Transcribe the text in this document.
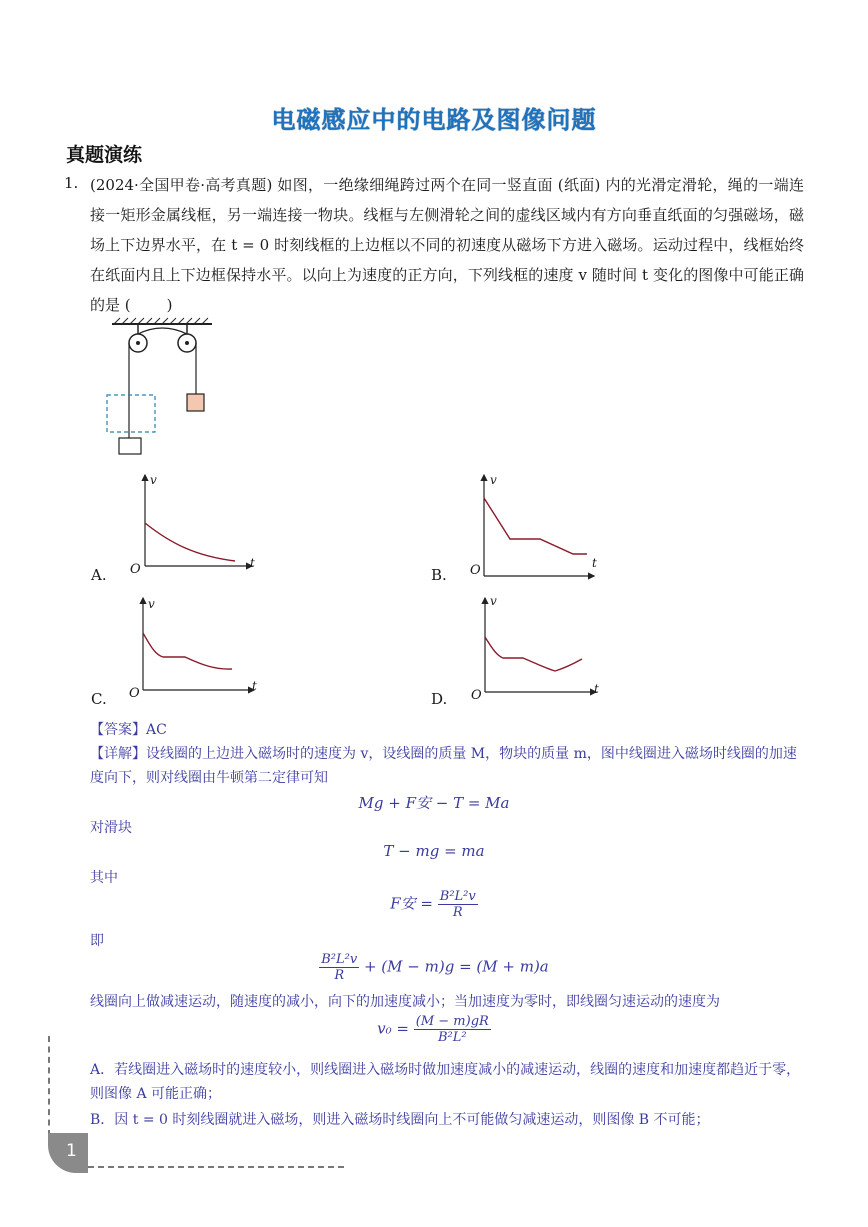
电磁感应中的电路及图像问题
真题演练
1. (2024·全国甲卷·高考真题) 如图，一绝缘细绳跨过两个在同一竖直面 (纸面) 内的光滑定滑轮，绳的一端连接一矩形金属线框，另一端连接一物块。线框与左侧滑轮之间的虚线区域内有方向垂直纸面的匀强磁场，磁场上下边界水平，在 t = 0 时刻线框的上边框以不同的初速度从磁场下方进入磁场。运动过程中，线框始终在纸面内且上下边框保持水平。以向上为速度的正方向，下列线框的速度 v 随时间 t 变化的图像中可能正确的是 ( )
v
t
O
A.
v
t
O
B.
v
t
O
C.
v
t
O
D.
【答案】AC
【详解】设线圈的上边进入磁场时的速度为 v，设线圈的质量 M，物块的质量 m，图中线圈进入磁场时线圈的加速度向下，则对线圈由牛顿第二定律可知
Mg + F安 − T = Ma
对滑块
T − mg = ma
其中
F安 = $\frac{\text{B²L²v}}{R}$
即
$\frac{\text{B²L²v}}{R} + (M - m)g = (M + m)a$
线圈向上做减速运动，随速度的减小，向下的加速度减小；当加速度为零时，即线圈匀速运动的速度为
$v_0 = \frac{(M - m)gR}{\text{B²L²}}$
A．若线圈进入磁场时的速度较小，则线圈进入磁场时做加速度减小的减速运动，线圈的速度和加速度都趋近于零，则图像 A 可能正确；
B．因 t = 0 时刻线圈就进入磁场，则进入磁场时线圈向上不可能做匀减速运动，则图像 B 不可能；
1
